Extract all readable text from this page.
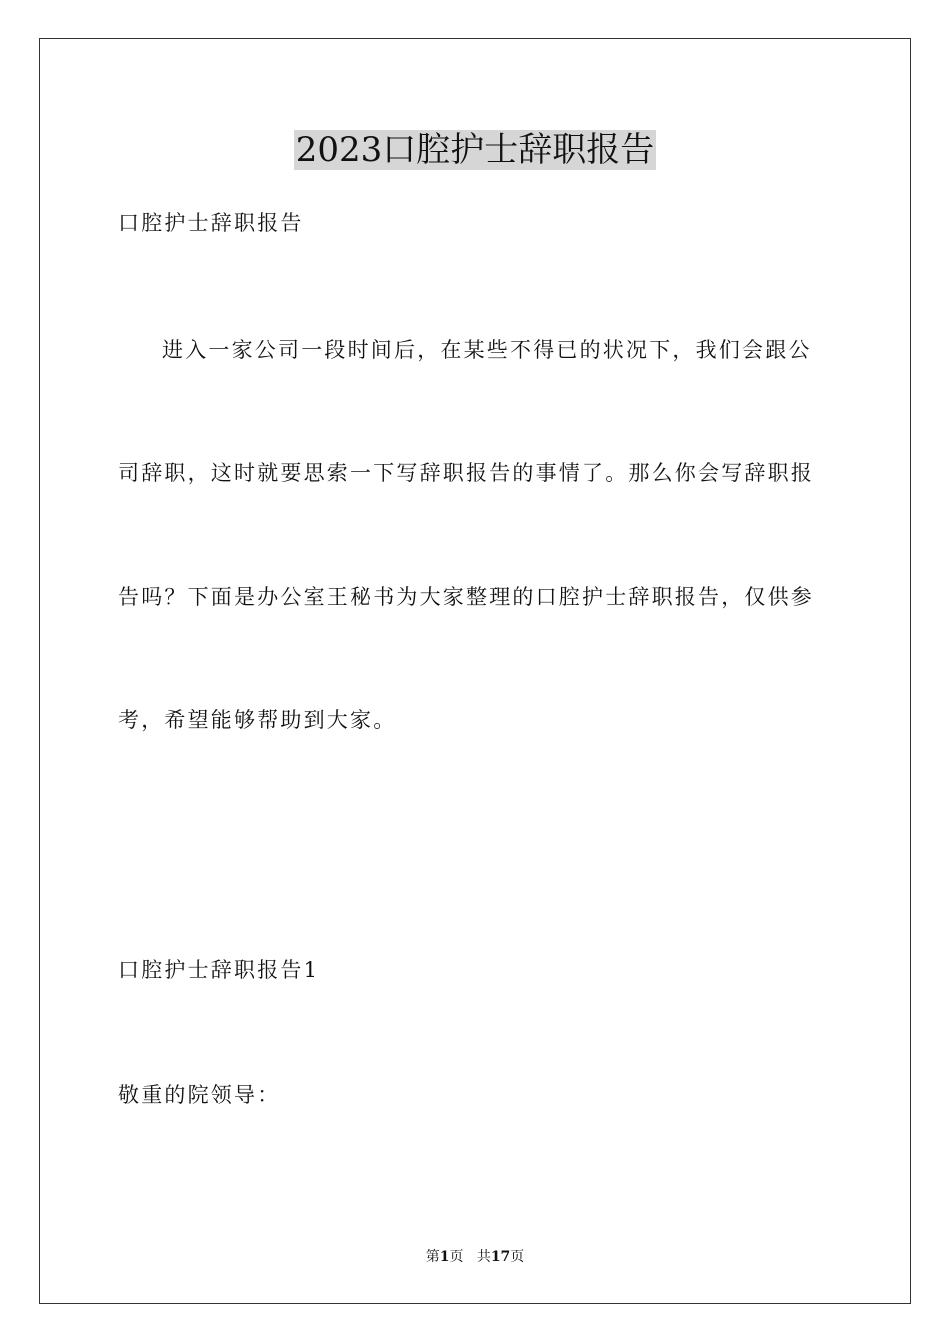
2023口腔护士辞职报告
口腔护士辞职报告
进入一家公司一段时间后，在某些不得已的状况下，我们会跟公
司辞职，这时就要思索一下写辞职报告的事情了。那么你会写辞职报
告吗？下面是办公室王秘书为大家整理的口腔护士辞职报告，仅供参
考，希望能够帮助到大家。
口腔护士辞职报告1
敬重的院领导：
第1页 共17页
